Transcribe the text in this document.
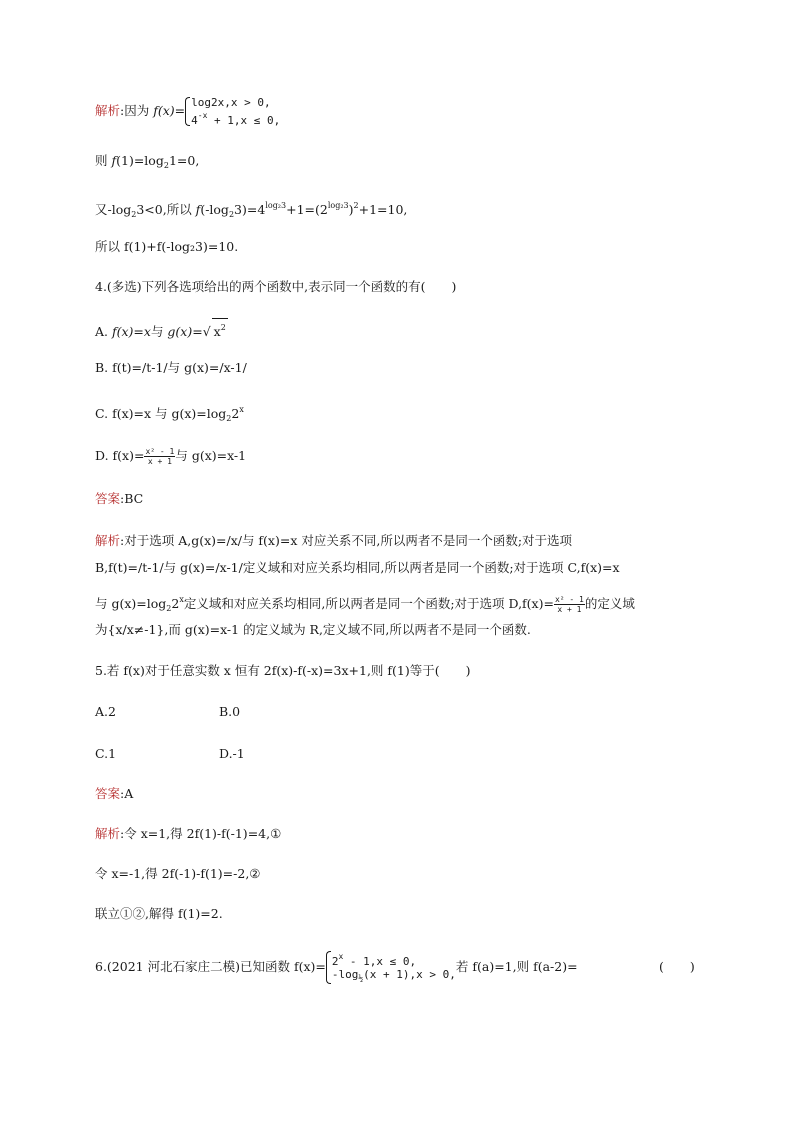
解析:因为 f(x)=
log2x,x > 0,
$4^{-x} + 1,x \le 0$,
则 $f(1)=\log_21=0$,
又$-\log_23<0$,所以 $f(-\log_23)=4^{log_23}+1=(2^{log_23})^2+1=10$,
所以 f(1)+f(-log₂3)=10.
4.(多选)下列各选项给出的两个函数中,表示同一个函数的有( )
A. f(x)=x与 g(x)=√ $x^2$
B. f(t)=/t-1/与 g(x)=/x-1/
C. f(x)=x 与 $g(x)=\log_22^x$
D. $f(x)= \frac{\text{x² - 1}}{x + 1}$ 与 g(x)=x-1
答案:BC
解析:对于选项 A,g(x)=/x/与 f(x)=x 对应关系不同,所以两者不是同一个函数;对于选项
B,f(t)=/t-1/与 g(x)=/x-1/定义域和对应关系均相同,所以两者是同一个函数;对于选项 C,f(x)=x
与 $g(x)=\log_22^x$定义域和对应关系均相同,所以两者是同一个函数;对于选项 $D,f(x)= \frac{\text{x² - 1}}{x + 1}$ 的定义域
为{x/x≠-1},而 g(x)=x-1 的定义域为 R,定义域不同,所以两者不是同一个函数.
5.若 f(x)对于任意实数 x 恒有 2f(x)-f(-x)=3x+1,则 f(1)等于( )
A.2	B.0
C.1	D.-1
答案:A
解析:令 x=1,得 2f(1)-f(-1)=4,①
令 x=-1,得 2f(-1)-f(1)=-2,②
联立①②,解得 f(1)=2.
6.(2021 河北石家庄二模)已知函数 $f(x)= 2^x - 1,x \le 0$,
$-\log_{\frac{1}{2}}(x + 1),x > 0$,
若 f(a)=1,则 f(a-2)=	( )
